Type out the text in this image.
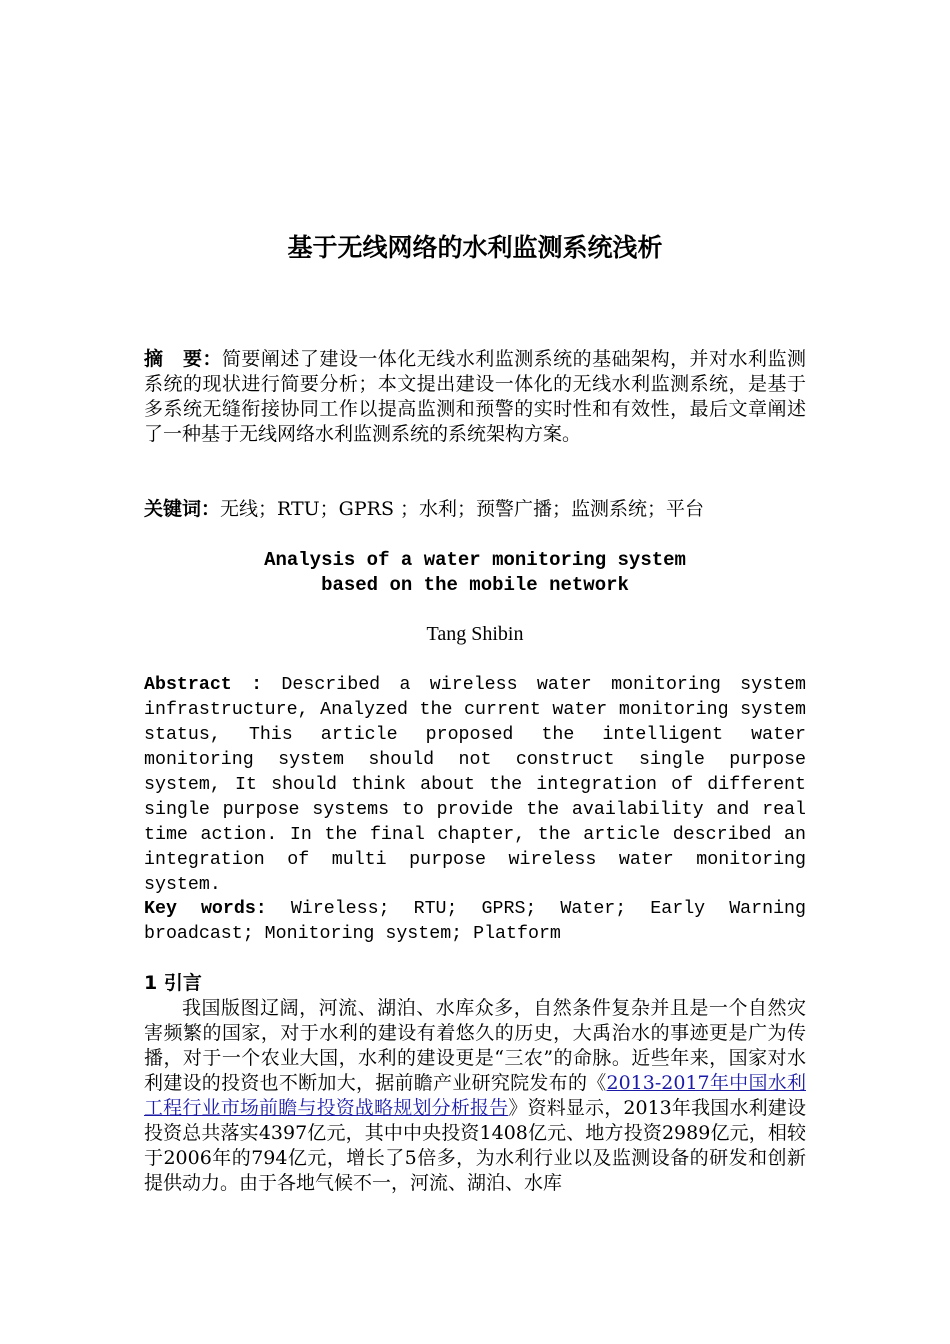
基于无线网络的水利监测系统浅析

摘　要：简要阐述了建设一体化无线水利监测系统的基础架构，并对水利监测系统的现状进行简要分析；本文提出建设一体化的无线水利监测系统，是基于多系统无缝衔接协同工作以提高监测和预警的实时性和有效性，最后文章阐述了一种基于无线网络水利监测系统的系统架构方案。

关键词：无线；RTU；GPRS ；水利；预警广播；监测系统；平台

Analysis of a water monitoring system
based on the mobile network

Tang Shibin

Abstract : Described a wireless water monitoring system infrastructure, Analyzed the current water monitoring system status, This article proposed the intelligent water monitoring system should not construct single purpose system, It should think about the integration of different single purpose systems to provide the availability and real time action. In the final chapter, the article described an integration of multi purpose wireless water monitoring system.

Key words: Wireless; RTU; GPRS; Water; Early Warning broadcast; Monitoring system; Platform

1 引言

我国版图辽阔，河流、湖泊、水库众多，自然条件复杂并且是一个自然灾害频繁的国家，对于水利的建设有着悠久的历史，大禹治水的事迹更是广为传播，对于一个农业大国，水利的建设更是“三农”的命脉。近些年来，国家对水利建设的投资也不断加大，据前瞻产业研究院发布的《2013-2017年中国水利工程行业市场前瞻与投资战略规划分析报告》资料显示，2013年我国水利建设投资总共落实4397亿元，其中中央投资1408亿元、地方投资2989亿元，相较于2006年的794亿元，增长了5倍多，为水利行业以及监测设备的研发和创新提供动力。由于各地气候不一，河流、湖泊、水库
